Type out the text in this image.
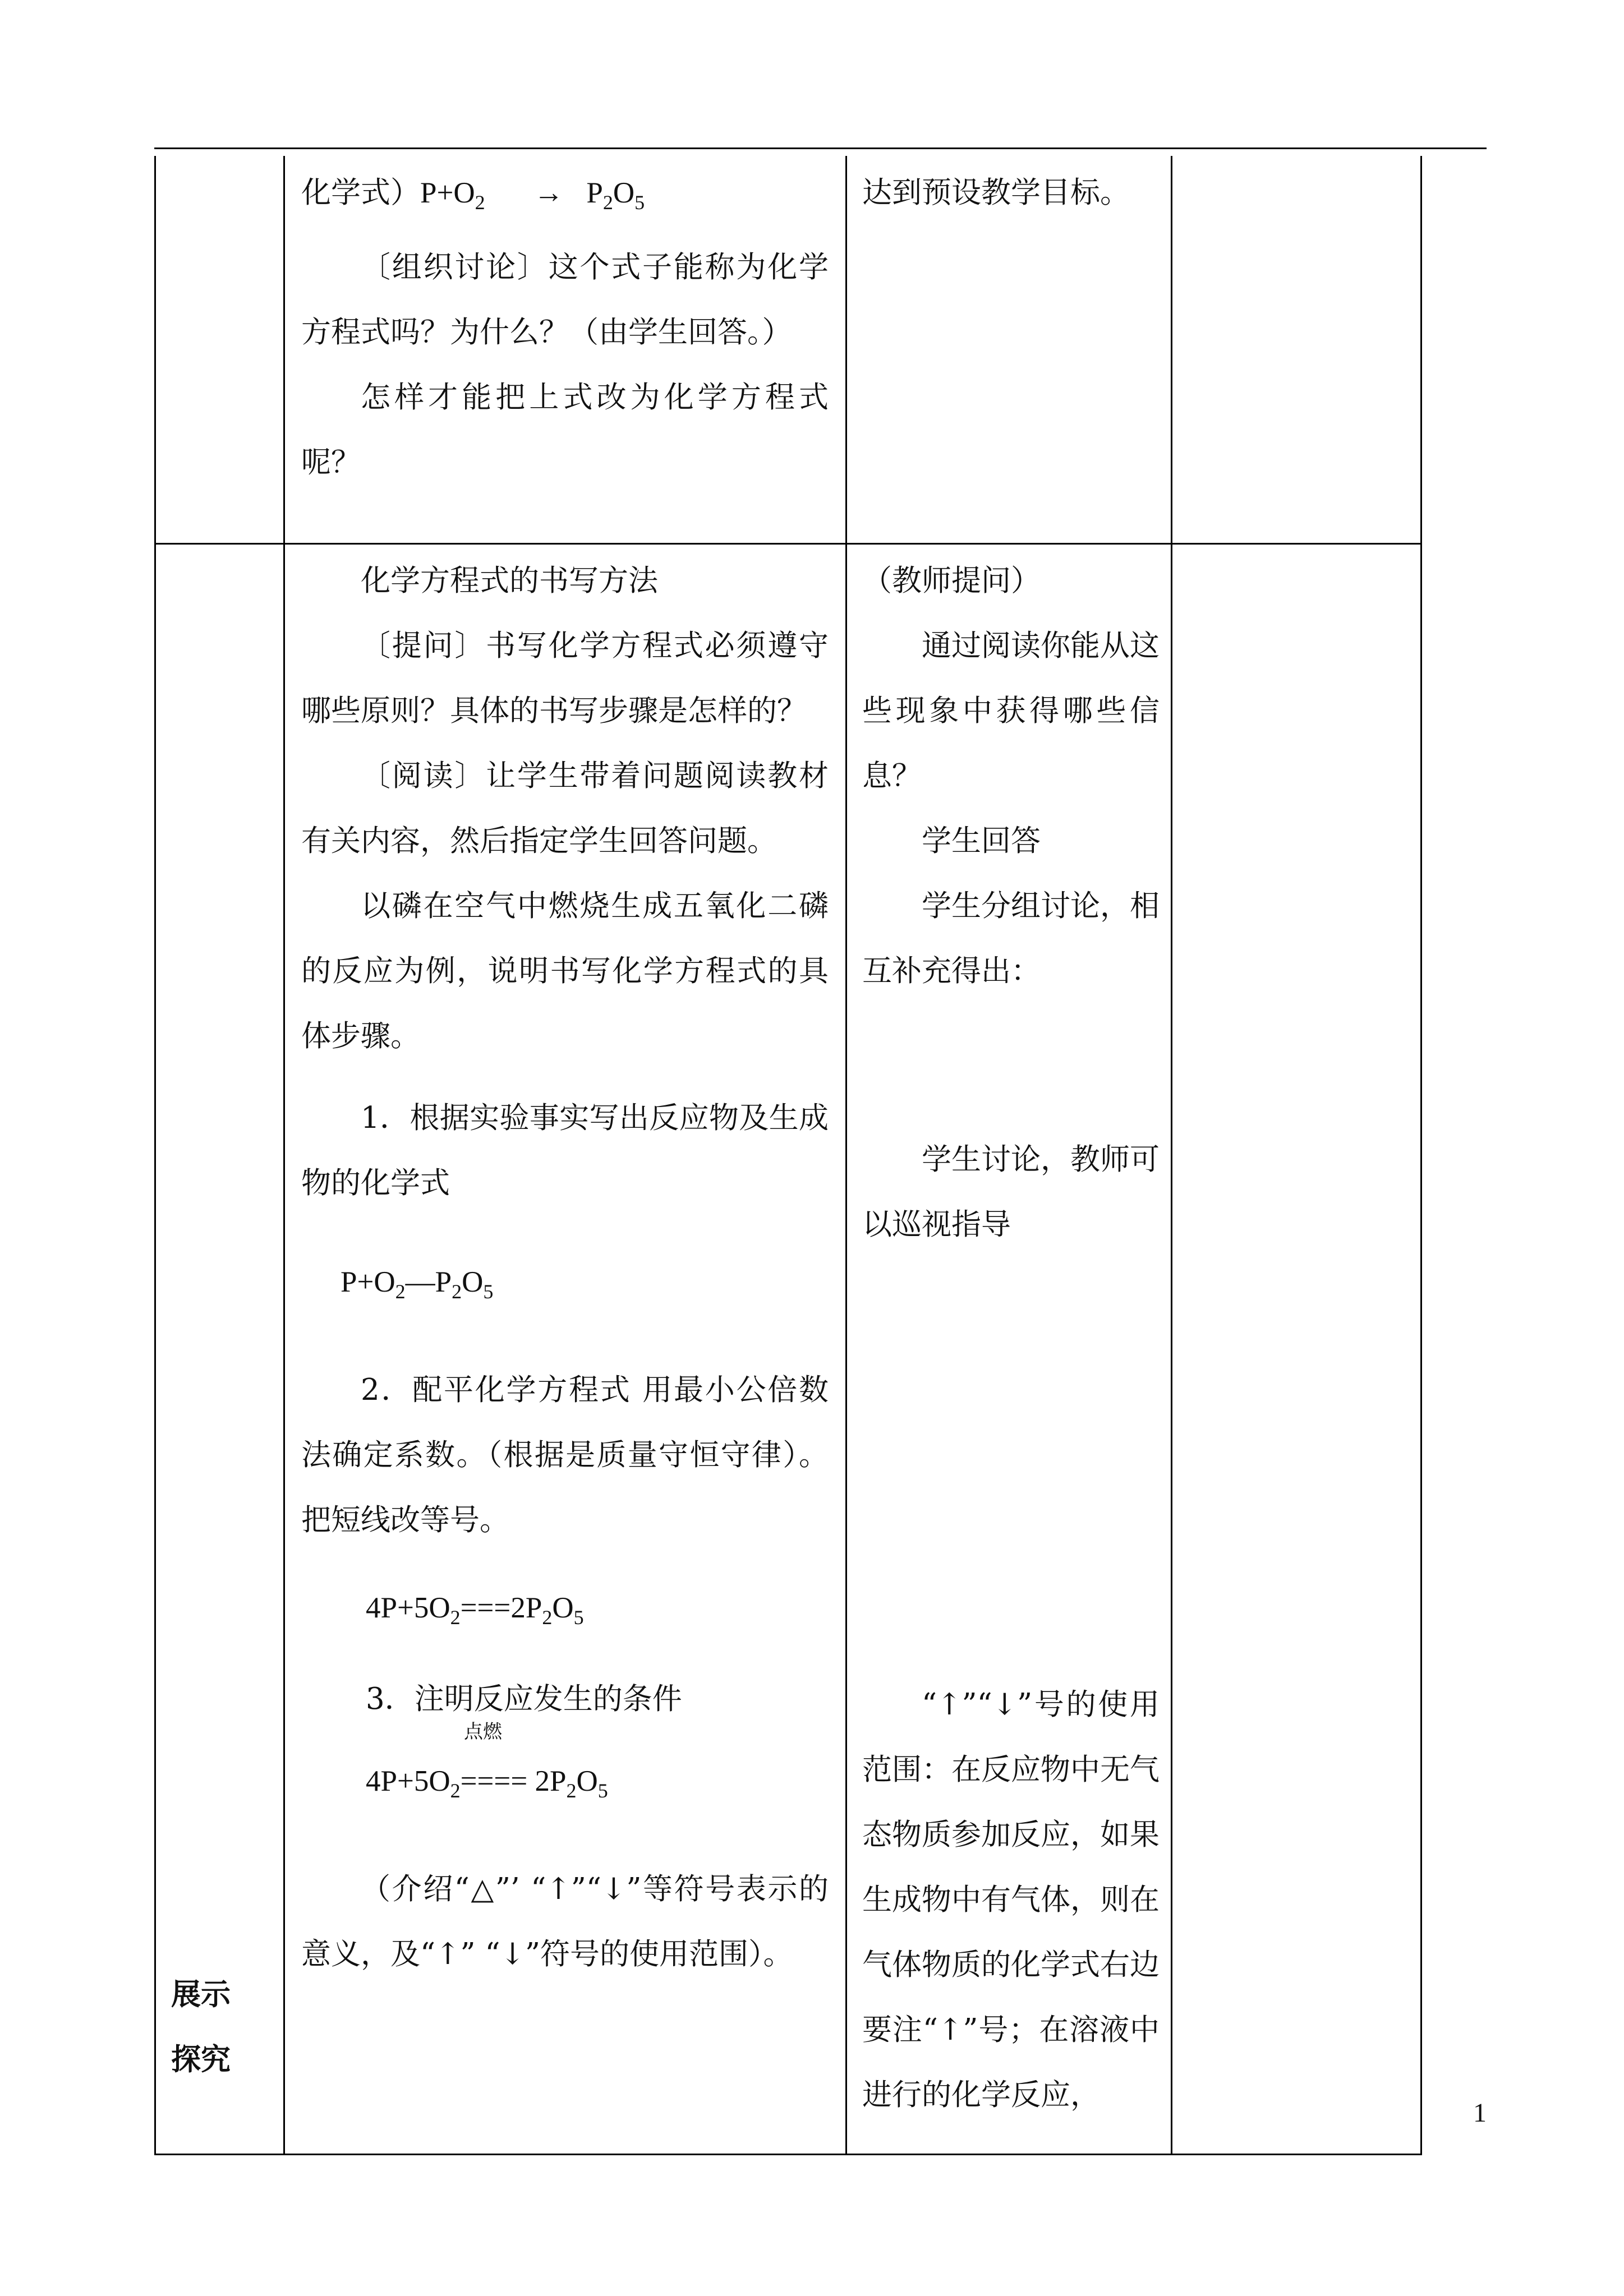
化学式）$P+O_2 \to P_2O_5$

〔组织讨论〕这个式子能称为化学方程式吗？为什么？（由学生回答。）

怎样才能把上式改为化学方程式呢？

达到预设教学目标。

展示
探究

化学方程式的书写方法

〔提问〕书写化学方程式必须遵守哪些原则？具体的书写步骤是怎样的？

〔阅读〕让学生带着问题阅读教材有关内容，然后指定学生回答问题。

以磷在空气中燃烧生成五氧化二磷的反应为例，说明书写化学方程式的具体步骤。

1．根据实验事实写出反应物及生成物的化学式

$P+O_2—P_2O_5$

2．配平化学方程式 用最小公倍数法确定系数。（根据是质量守恒守律）。把短线改等号。

$4P+5O_2===2P_2O_5$

3．注明反应发生的条件

点燃

$4P+5O_2==== 2P_2O_5$

（介绍“△”’ “↑”“↓”等符号表示的意义，及“↑” “↓”符号的使用范围）。

（教师提问）

通过阅读你能从这些现象中获得哪些信息？

学生回答

学生分组讨论，相互补充得出：

学生讨论，教师可以巡视指导

“↑”“↓”号的使用范围：在反应物中无气态物质参加反应，如果生成物中有气体，则在气体物质的化学式右边要注“↑”号；在溶液中进行的化学反应，

1
